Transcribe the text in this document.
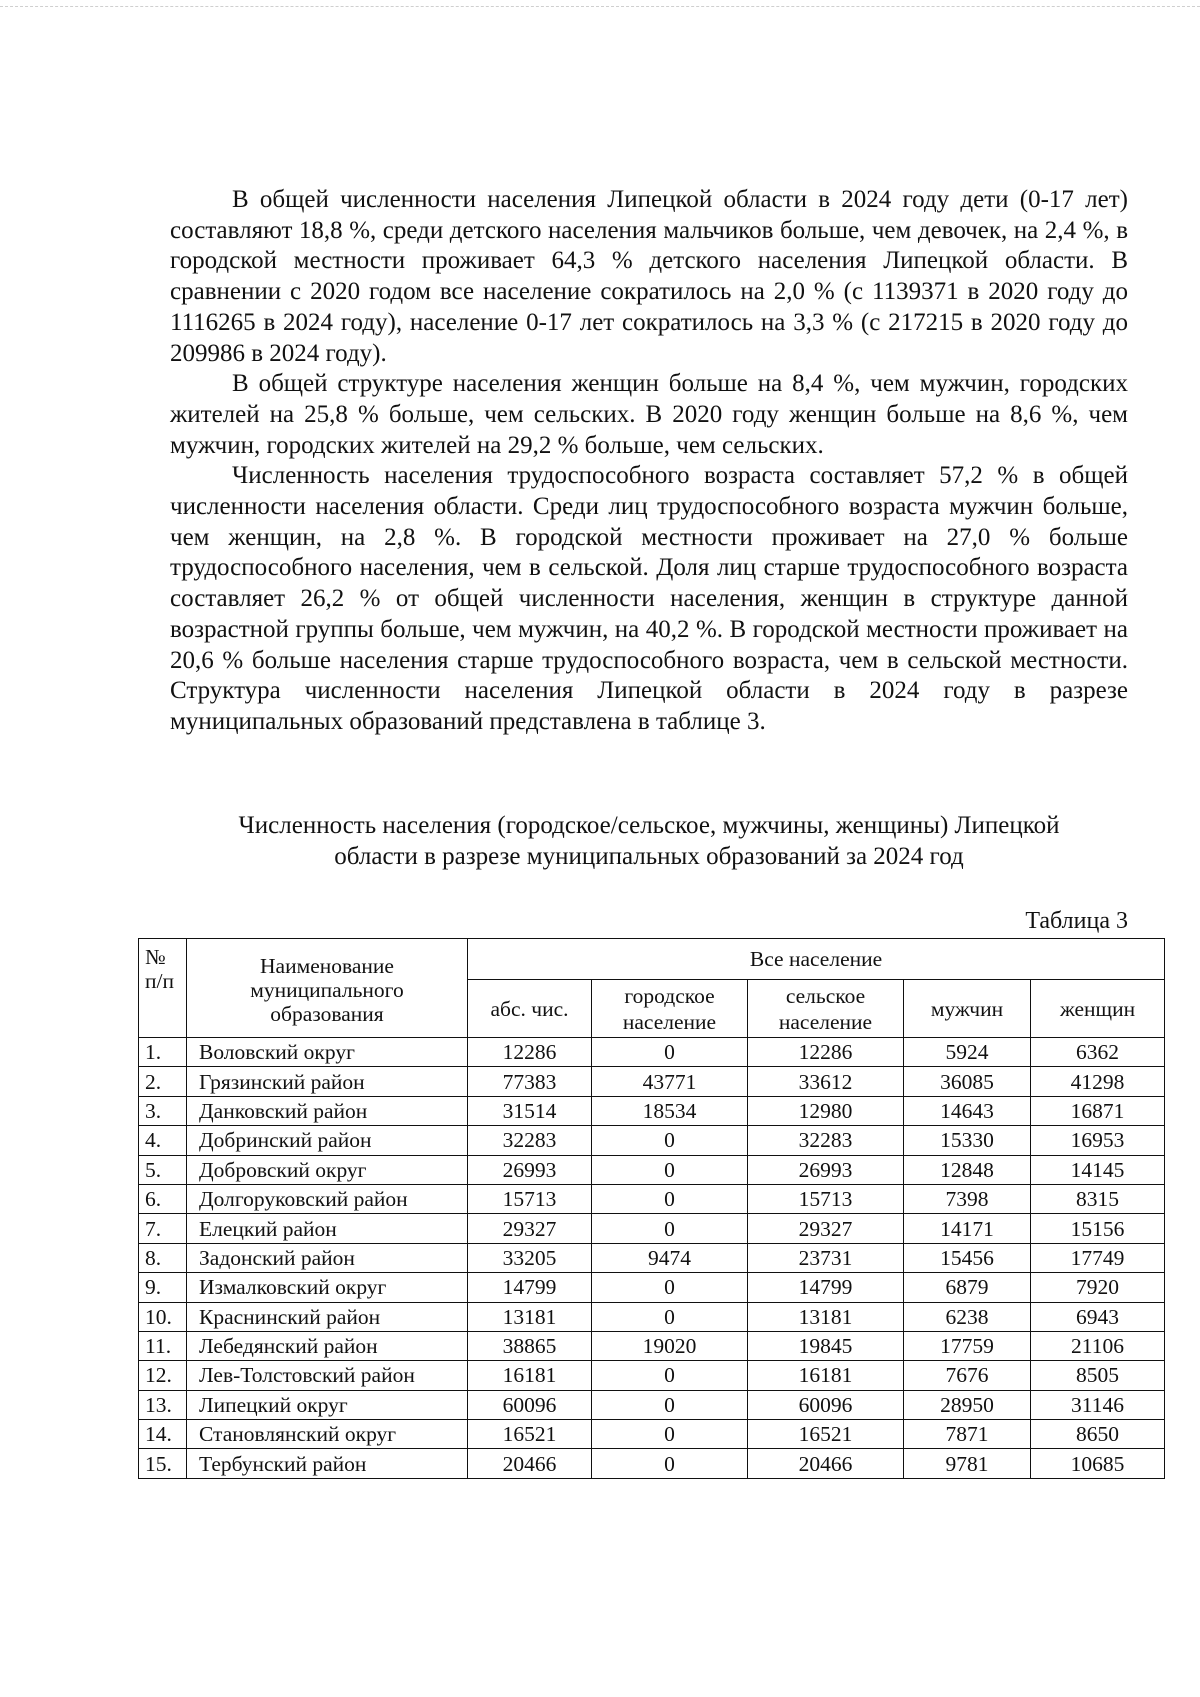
В общей численности населения Липецкой области в 2024 году дети (0-17 лет) составляют 18,8 %, среди детского населения мальчиков больше, чем девочек, на 2,4 %, в городской местности проживает 64,3 % детского населения Липецкой области. В сравнении с 2020 годом все население сократилось на 2,0 % (с 1139371 в 2020 году до 1116265 в 2024 году), население 0-17 лет сократилось на 3,3 % (с 217215 в 2020 году до 209986 в 2024 году).

В общей структуре населения женщин больше на 8,4 %, чем мужчин, городских жителей на 25,8 % больше, чем сельских. В 2020 году женщин больше на 8,6 %, чем мужчин, городских жителей на 29,2 % больше, чем сельских.

Численность населения трудоспособного возраста составляет 57,2 % в общей численности населения области. Среди лиц трудоспособного возраста мужчин больше, чем женщин, на 2,8 %. В городской местности проживает на 27,0 % больше трудоспособного населения, чем в сельской. Доля лиц старше трудоспособного возраста составляет 26,2 % от общей численности населения, женщин в структуре данной возрастной группы больше, чем мужчин, на 40,2 %. В городской местности проживает на 20,6 % больше населения старше трудоспособного возраста, чем в сельской местности. Структура численности населения Липецкой области в 2024 году в разрезе муниципальных образований представлена в таблице 3.

Численность населения (городское/сельское, мужчины, женщины) Липецкой
области в разрезе муниципальных образований за 2024 год
Таблица 3
№ п/п	Наименование муниципального образования	Все население				
		абс. чис.	городское население	сельское население	мужчин	женщин
1.	Воловский округ	12286	0	12286	5924	6362
2.	Грязинский район	77383	43771	33612	36085	41298
3.	Данковский район	31514	18534	12980	14643	16871
4.	Добринский район	32283	0	32283	15330	16953
5.	Добровский округ	26993	0	26993	12848	14145
6.	Долгоруковский район	15713	0	15713	7398	8315
7.	Елецкий район	29327	0	29327	14171	15156
8.	Задонский район	33205	9474	23731	15456	17749
9.	Измалковский округ	14799	0	14799	6879	7920
10.	Краснинский район	13181	0	13181	6238	6943
11.	Лебедянский район	38865	19020	19845	17759	21106
12.	Лев-Толстовский район	16181	0	16181	7676	8505
13.	Липецкий округ	60096	0	60096	28950	31146
14.	Становлянский округ	16521	0	16521	7871	8650
15.	Тербунский район	20466	0	20466	9781	10685
